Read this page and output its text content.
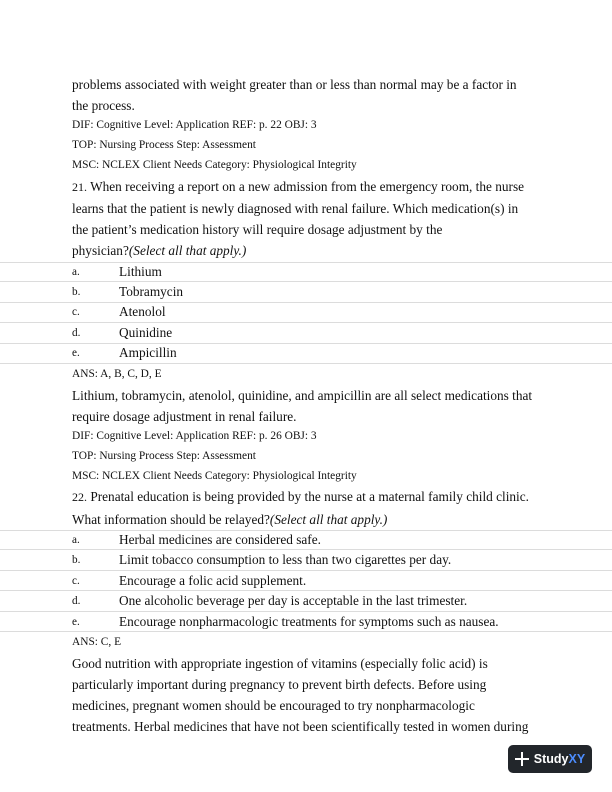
problems associated with weight greater than or less than normal may be a factor in
the process.
DIF: Cognitive Level: Application REF: p. 22 OBJ: 3
TOP: Nursing Process Step: Assessment
MSC: NCLEX Client Needs Category: Physiological Integrity
21. When receiving a report on a new admission from the emergency room, the nurse
learns that the patient is newly diagnosed with renal failure. Which medication(s) in
the patient’s medication history will require dosage adjustment by the
physician?(Select all that apply.)
a.	Lithium
b.	Tobramycin
c.	Atenolol
d.	Quinidine
e.	Ampicillin
ANS: A, B, C, D, E
Lithium, tobramycin, atenolol, quinidine, and ampicillin are all select medications that
require dosage adjustment in renal failure.
DIF: Cognitive Level: Application REF: p. 26 OBJ: 3
TOP: Nursing Process Step: Assessment
MSC: NCLEX Client Needs Category: Physiological Integrity
22. Prenatal education is being provided by the nurse at a maternal family child clinic.
What information should be relayed?(Select all that apply.)
a.	Herbal medicines are considered safe.
b.	Limit tobacco consumption to less than two cigarettes per day.
c.	Encourage a folic acid supplement.
d.	One alcoholic beverage per day is acceptable in the last trimester.
e.	Encourage nonpharmacologic treatments for symptoms such as nausea.
ANS: C, E
Good nutrition with appropriate ingestion of vitamins (especially folic acid) is
particularly important during pregnancy to prevent birth defects. Before using
medicines, pregnant women should be encouraged to try nonpharmacologic
treatments. Herbal medicines that have not been scientifically tested in women during
Study XY
